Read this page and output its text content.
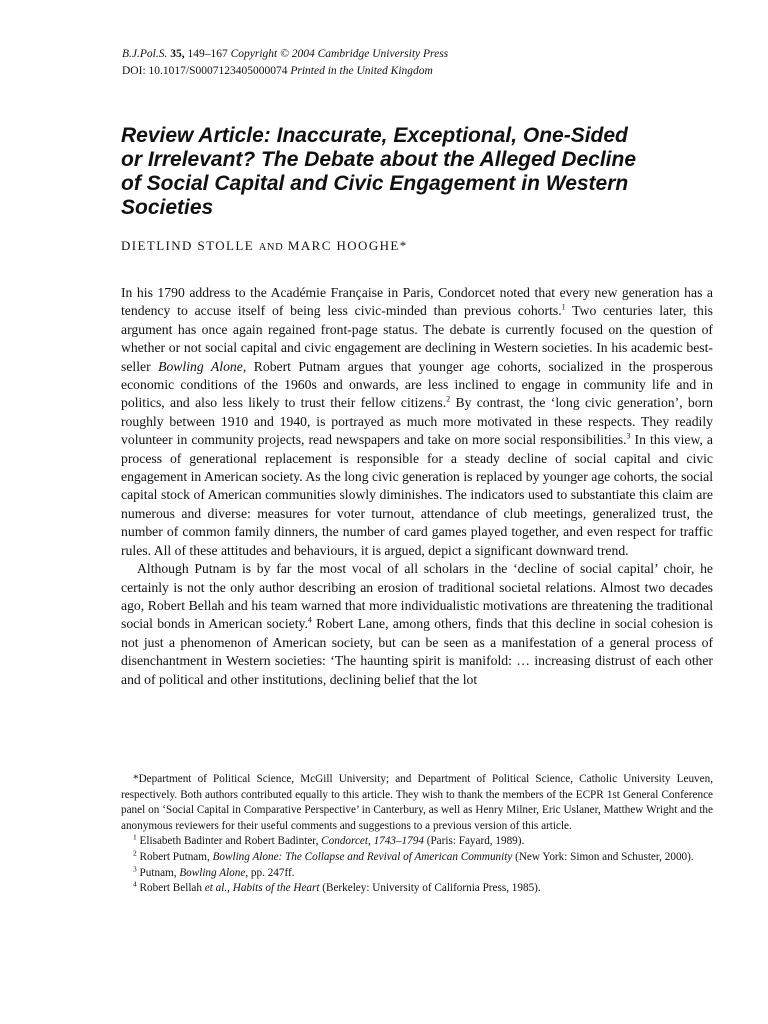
B.J.Pol.S. 35, 149–167 Copyright © 2004 Cambridge University Press
DOI: 10.1017/S0007123405000074 Printed in the United Kingdom
Review Article: Inaccurate, Exceptional, One-Sided
or Irrelevant? The Debate about the Alleged Decline
of Social Capital and Civic Engagement in Western
Societies
DIETLIND STOLLE AND MARC HOOGHE*

In his 1790 address to the Académie Française in Paris, Condorcet noted that every new generation has a tendency to accuse itself of being less civic-minded than previous cohorts.$^1$ Two centuries later, this argument has once again regained front-page status. The debate is currently focused on the question of whether or not social capital and civic engagement are declining in Western societies. In his academic best-seller Bowling Alone, Robert Putnam argues that younger age cohorts, socialized in the prosperous economic conditions of the 1960s and onwards, are less inclined to engage in community life and in politics, and also less likely to trust their fellow citizens.$^2$ By contrast, the ‘long civic generation’, born roughly between 1910 and 1940, is portrayed as much more motivated in these respects. They readily volunteer in community projects, read newspapers and take on more social responsibilities.$^3$ In this view, a process of generational replacement is responsible for a steady decline of social capital and civic engagement in American society. As the long civic generation is replaced by younger age cohorts, the social capital stock of American communities slowly diminishes. The indicators used to substantiate this claim are numerous and diverse: measures for voter turnout, attendance of club meetings, generalized trust, the number of common family dinners, the number of card games played together, and even respect for traffic rules. All of these attitudes and behaviours, it is argued, depict a significant downward trend.

Although Putnam is by far the most vocal of all scholars in the ‘decline of social capital’ choir, he certainly is not the only author describing an erosion of traditional societal relations. Almost two decades ago, Robert Bellah and his team warned that more individualistic motivations are threatening the traditional social bonds in American society.$^4$ Robert Lane, among others, finds that this decline in social cohesion is not just a phenomenon of American society, but can be seen as a manifestation of a general process of disenchantment in Western societies: ‘The haunting spirit is manifold: … increasing distrust of each other and of political and other institutions, declining belief that the lot

*Department of Political Science, McGill University; and Department of Political Science, Catholic University Leuven, respectively. Both authors contributed equally to this article. They wish to thank the members of the ECPR 1st General Conference panel on ‘Social Capital in Comparative Perspective’ in Canterbury, as well as Henry Milner, Eric Uslaner, Matthew Wright and the anonymous reviewers for their useful comments and suggestions to a previous version of this article.

$^1$ Elisabeth Badinter and Robert Badinter, Condorcet, 1743–1794 (Paris: Fayard, 1989).

$^2$ Robert Putnam, Bowling Alone: The Collapse and Revival of American Community (New York: Simon and Schuster, 2000).

$^3$ Putnam, Bowling Alone, pp. 247ff.

$^4$ Robert Bellah et al., Habits of the Heart (Berkeley: University of California Press, 1985).
